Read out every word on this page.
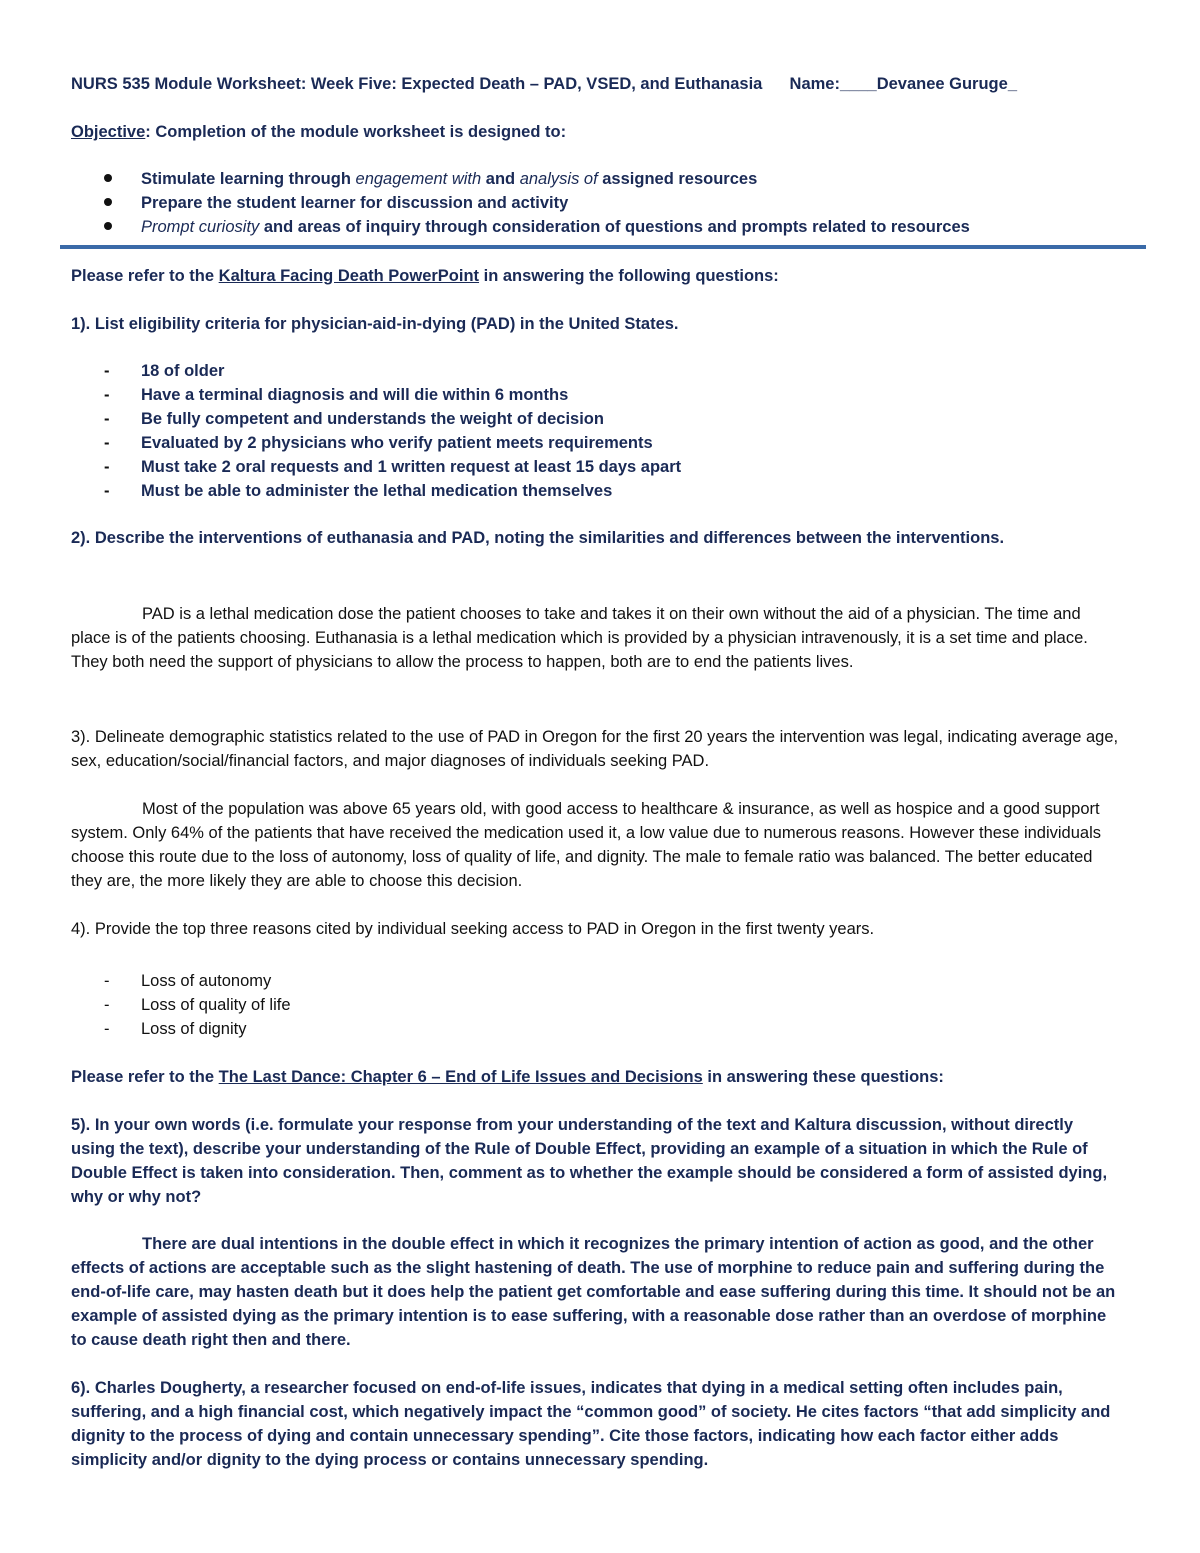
NURS 535 Module Worksheet: Week Five: Expected Death – PAD, VSED, and Euthanasia Name:____Devanee Guruge_
Objective: Completion of the module worksheet is designed to:
Stimulate learning through engagement with and analysis of assigned resources
Prepare the student learner for discussion and activity
Prompt curiosity and areas of inquiry through consideration of questions and prompts related to resources
Please refer to the Kaltura Facing Death PowerPoint in answering the following questions:
1). List eligibility criteria for physician-aid-in-dying (PAD) in the United States.
- 18 of older
- Have a terminal diagnosis and will die within 6 months
- Be fully competent and understands the weight of decision
- Evaluated by 2 physicians who verify patient meets requirements
- Must take 2 oral requests and 1 written request at least 15 days apart
- Must be able to administer the lethal medication themselves
2). Describe the interventions of euthanasia and PAD, noting the similarities and differences between the interventions.
PAD is a lethal medication dose the patient chooses to take and takes it on their own without the aid of a physician. The time and place is of the patients choosing. Euthanasia is a lethal medication which is provided by a physician intravenously, it is a set time and place. They both need the support of physicians to allow the process to happen, both are to end the patients lives.
3). Delineate demographic statistics related to the use of PAD in Oregon for the first 20 years the intervention was legal, indicating average age, sex, education/social/financial factors, and major diagnoses of individuals seeking PAD.
Most of the population was above 65 years old, with good access to healthcare & insurance, as well as hospice and a good support system. Only 64% of the patients that have received the medication used it, a low value due to numerous reasons. However these individuals choose this route due to the loss of autonomy, loss of quality of life, and dignity. The male to female ratio was balanced. The better educated they are, the more likely they are able to choose this decision.
4). Provide the top three reasons cited by individual seeking access to PAD in Oregon in the first twenty years.
- Loss of autonomy
- Loss of quality of life
- Loss of dignity
Please refer to the The Last Dance: Chapter 6 – End of Life Issues and Decisions in answering these questions:
5). In your own words (i.e. formulate your response from your understanding of the text and Kaltura discussion, without directly using the text), describe your understanding of the Rule of Double Effect, providing an example of a situation in which the Rule of Double Effect is taken into consideration. Then, comment as to whether the example should be considered a form of assisted dying, why or why not?
There are dual intentions in the double effect in which it recognizes the primary intention of action as good, and the other effects of actions are acceptable such as the slight hastening of death. The use of morphine to reduce pain and suffering during the end-of-life care, may hasten death but it does help the patient get comfortable and ease suffering during this time. It should not be an example of assisted dying as the primary intention is to ease suffering, with a reasonable dose rather than an overdose of morphine to cause death right then and there.
6). Charles Dougherty, a researcher focused on end-of-life issues, indicates that dying in a medical setting often includes pain, suffering, and a high financial cost, which negatively impact the “common good” of society. He cites factors “that add simplicity and dignity to the process of dying and contain unnecessary spending”. Cite those factors, indicating how each factor either adds simplicity and/or dignity to the dying process or contains unnecessary spending.
